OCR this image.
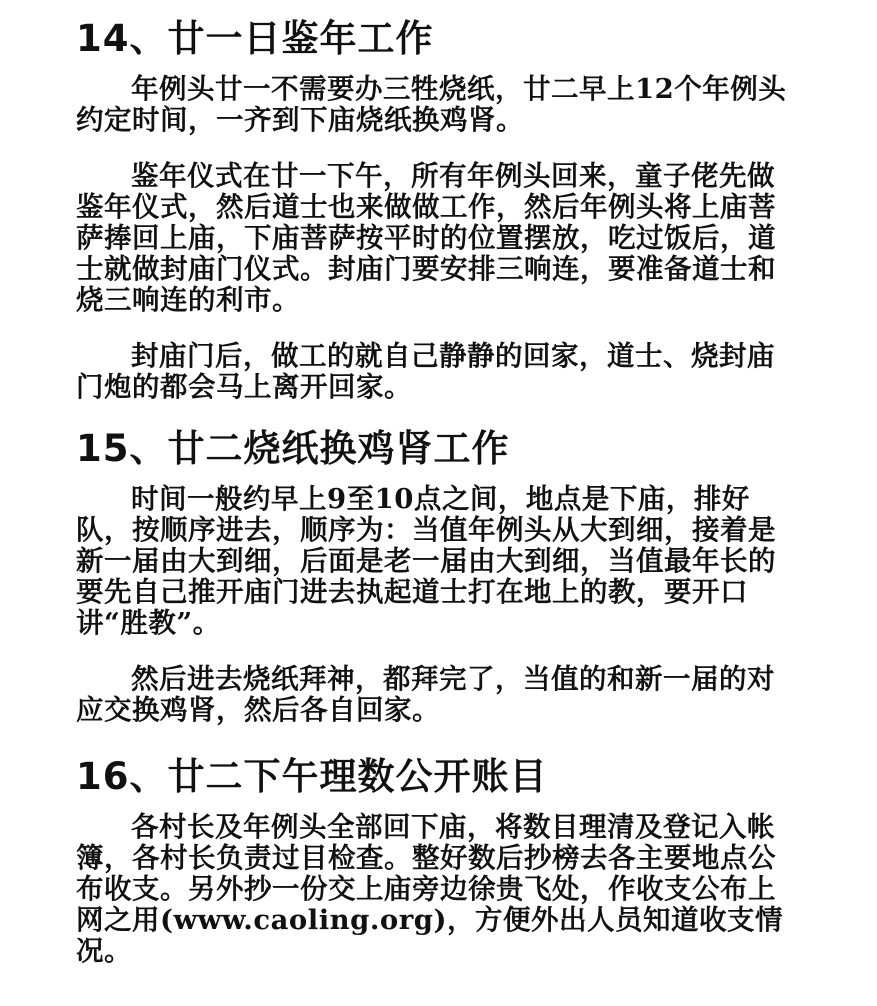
14、廿一日鉴年工作

年例头廿一不需要办三牲烧纸，廿二早上12个年例头约定时间，一齐到下庙烧纸换鸡肾。

鉴年仪式在廿一下午，所有年例头回来，童子佬先做鉴年仪式，然后道士也来做做工作，然后年例头将上庙菩萨捧回上庙，下庙菩萨按平时的位置摆放，吃过饭后，道士就做封庙门仪式。封庙门要安排三响连，要准备道士和烧三响连的利市。

封庙门后，做工的就自己静静的回家，道士、烧封庙门炮的都会马上离开回家。

15、廿二烧纸换鸡肾工作

时间一般约早上9至10点之间，地点是下庙，排好队，按顺序进去，顺序为：当值年例头从大到细，接着是新一届由大到细，后面是老一届由大到细，当值最年长的要先自己推开庙门进去执起道士打在地上的教，要开口讲“胜教”。

然后进去烧纸拜神，都拜完了，当值的和新一届的对应交换鸡肾，然后各自回家。

16、廿二下午理数公开账目

各村长及年例头全部回下庙，将数目理清及登记入帐簿，各村长负责过目检查。整好数后抄榜去各主要地点公布收支。另外抄一份交上庙旁边徐贵飞处，作收支公布上网之用(www.caoling.org)，方便外出人员知道收支情况。
